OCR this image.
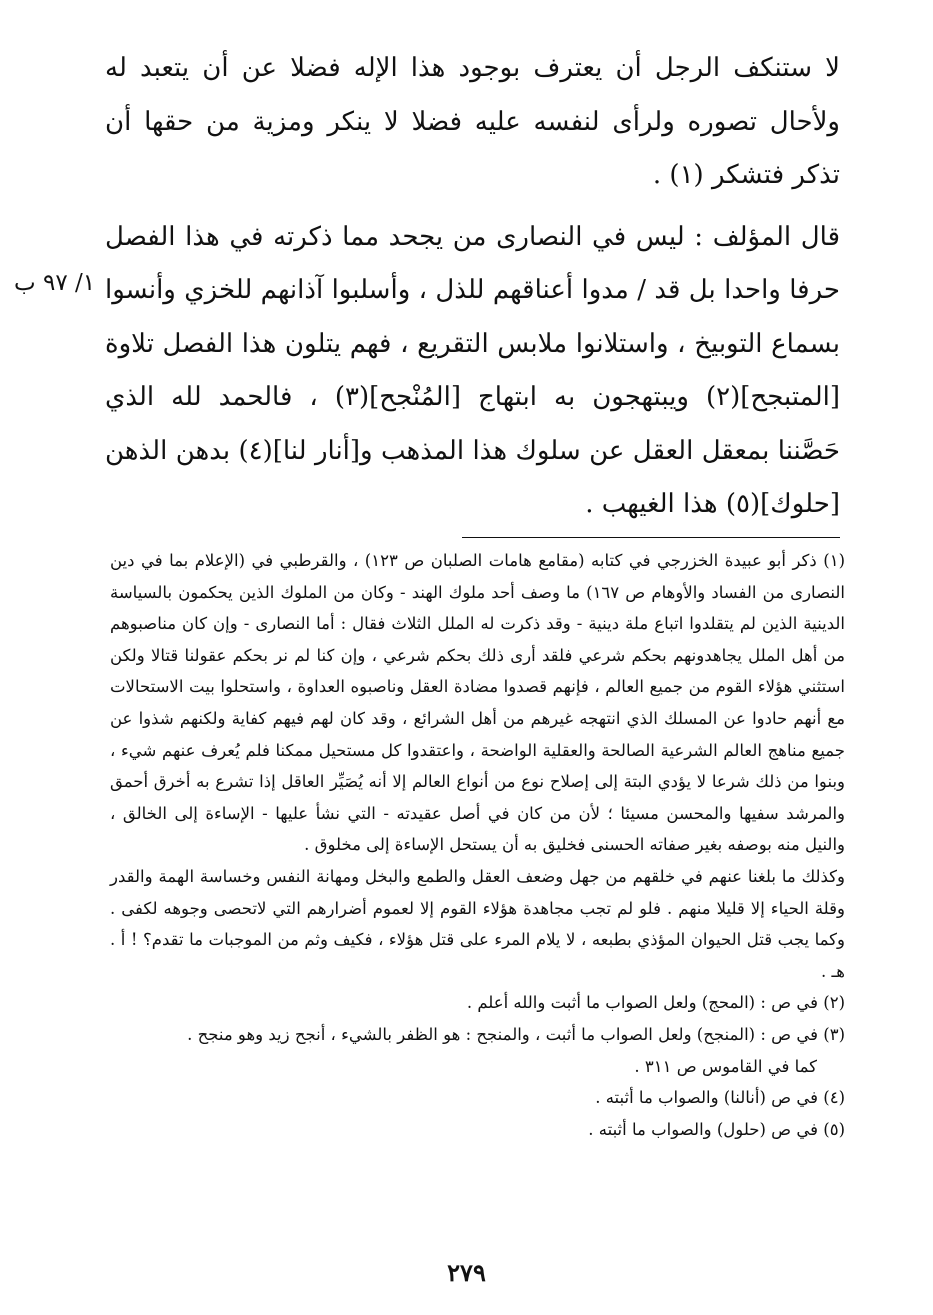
لا ستنكف الرجل أن يعترف بوجود هذا الإله فضلا عن أن يتعبد له ولأحال تصوره ولرأى لنفسه عليه فضلا لا ينكر ومزية من حقها أن تذكر فتشكر (١) .

قال المؤلف : ليس في النصارى من يجحد مما ذكرته في هذا الفصل حرفا واحدا بل قد / مدوا أعناقهم للذل ، وأسلبوا آذانهم للخزي وأنسوا بسماع التوبيخ ، واستلانوا ملابس التقريع ، فهم يتلون هذا الفصل تلاوة [المتبجح](٢) ويبتهجون به ابتهاج [المُنْجح](٣) ، فالحمد لله الذي حَصَّننا بمعقل العقل عن سلوك هذا المذهب و[أنار لنا](٤) بدهن الذهن [حلوك](٥) هذا الغيهب .

١/ ٩٧ ب

(١) ذكر أبو عبيدة الخزرجي في كتابه (مقامع هامات الصلبان ص ١٢٣) ، والقرطبي في (الإعلام بما في دين النصارى من الفساد والأوهام ص ١٦٧) ما وصف أحد ملوك الهند - وكان من الملوك الذين يحكمون بالسياسة الدينية الذين لم يتقلدوا اتباع ملة دينية - وقد ذكرت له الملل الثلاث فقال : أما النصارى - وإن كان مناصبوهم من أهل الملل يجاهدونهم بحكم شرعي فلقد أرى ذلك بحكم شرعي ، وإن كنا لم نر بحكم عقولنا قتالا ولكن استثني هؤلاء القوم من جميع العالم ، فإنهم قصدوا مضادة العقل وناصبوه العداوة ، واستحلوا بيت الاستحالات مع أنهم حادوا عن المسلك الذي انتهجه غيرهم من أهل الشرائع ، وقد كان لهم فيهم كفاية ولكنهم شذوا عن جميع مناهج العالم الشرعية الصالحة والعقلية الواضحة ، واعتقدوا كل مستحيل ممكنا فلم يُعرف عنهم شيء ، وبنوا من ذلك شرعا لا يؤدي البتة إلى إصلاح نوع من أنواع العالم إلا أنه يُصَيِّر العاقل إذا تشرع به أخرق أحمق والمرشد سفيها والمحسن مسيئا ؛ لأن من كان في أصل عقيدته - التي نشأ عليها - الإساءة إلى الخالق ، والنيل منه بوصفه بغير صفاته الحسنى فخليق به أن يستحل الإساءة إلى مخلوق .

وكذلك ما بلغنا عنهم في خلقهم من جهل وضعف العقل والطمع والبخل ومهانة النفس وخساسة الهمة والقدر وقلة الحياء إلا قليلا منهم . فلو لم تجب مجاهدة هؤلاء القوم إلا لعموم أضرارهم التي لاتحصى وجوهه لكفى . وكما يجب قتل الحيوان المؤذي بطبعه ، لا يلام المرء على قتل هؤلاء ، فكيف وثم من الموجبات ما تقدم؟ ! أ . هـ .

(٢) في ص : (المحج) ولعل الصواب ما أثبت والله أعلم .

(٣) في ص : (المنجح) ولعل الصواب ما أثبت ، والمنجح : هو الظفر بالشيء ، أنجح زيد وهو منجح .

كما في القاموس ص ٣١١ .

(٤) في ص (أنالنا) والصواب ما أثبته .

(٥) في ص (حلول) والصواب ما أثبته .

٢٧٩
